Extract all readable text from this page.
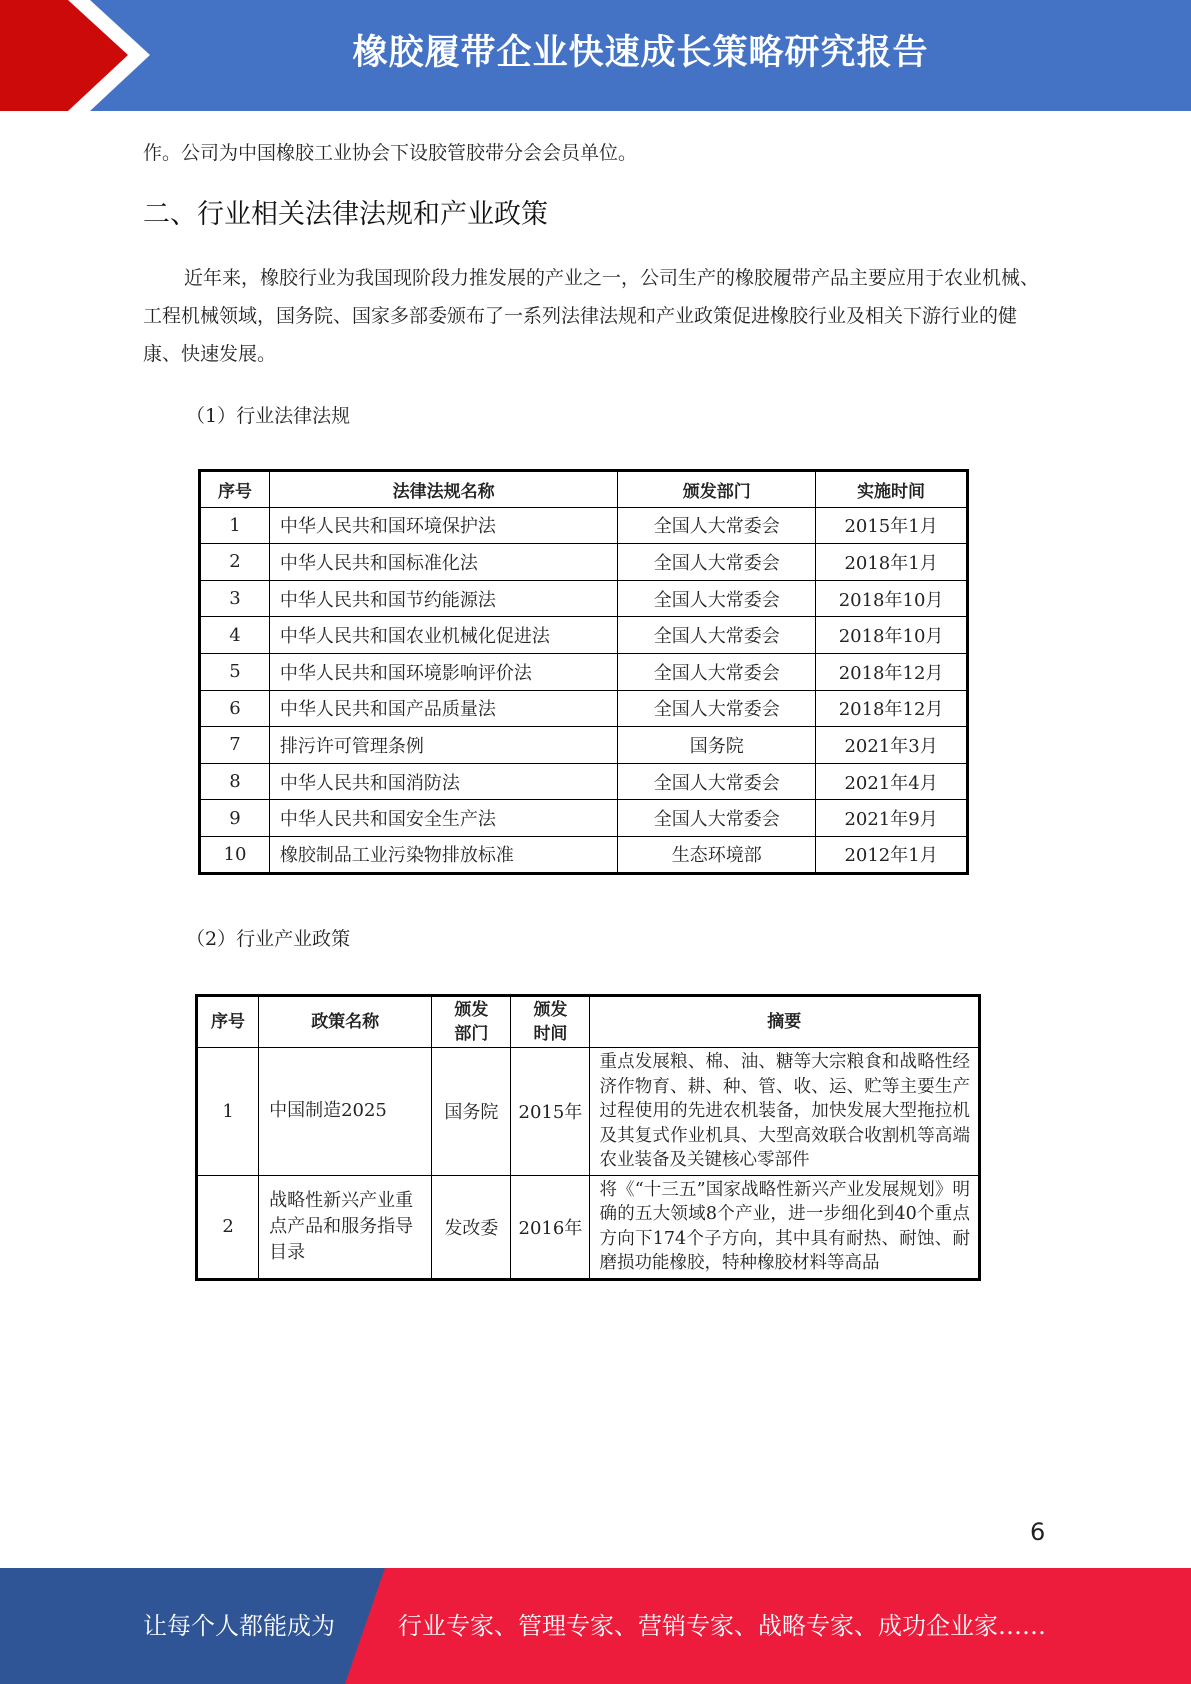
橡胶履带企业快速成长策略研究报告

作。公司为中国橡胶工业协会下设胶管胶带分会会员单位。

二、行业相关法律法规和产业政策

近年来，橡胶行业为我国现阶段力推发展的产业之一，公司生产的橡胶履带产品主要应用于农业机械、工程机械领域，国务院、国家多部委颁布了一系列法律法规和产业政策促进橡胶行业及相关下游行业的健康、快速发展。

（1）行业法律法规

序号	法律法规名称	颁发部门	实施时间
1	中华人民共和国环境保护法	全国人大常委会	2015年1月
2	中华人民共和国标准化法	全国人大常委会	2018年1月
3	中华人民共和国节约能源法	全国人大常委会	2018年10月
4	中华人民共和国农业机械化促进法	全国人大常委会	2018年10月
5	中华人民共和国环境影响评价法	全国人大常委会	2018年12月
6	中华人民共和国产品质量法	全国人大常委会	2018年12月
7	排污许可管理条例	国务院	2021年3月
8	中华人民共和国消防法	全国人大常委会	2021年4月
9	中华人民共和国安全生产法	全国人大常委会	2021年9月
10	橡胶制品工业污染物排放标准	生态环境部	2012年1月

（2）行业产业政策

序号	政策名称	颁发部门	颁发时间	摘要
1	中国制造2025	国务院	2015年	重点发展粮、棉、油、糖等大宗粮食和战略性经济作物育、耕、种、管、收、运、贮等主要生产过程使用的先进农机装备，加快发展大型拖拉机及其复式作业机具、大型高效联合收割机等高端农业装备及关键核心零部件
2	战略性新兴产业重点产品和服务指导目录	发改委	2016年	将《“十三五”国家战略性新兴产业发展规划》明确的五大领域8个产业，进一步细化到40个重点方向下174个子方向，其中具有耐热、耐蚀、耐磨损功能橡胶，特种橡胶材料等高品
6
让每个人都能成为	行业专家、管理专家、营销专家、战略专家、成功企业家……
